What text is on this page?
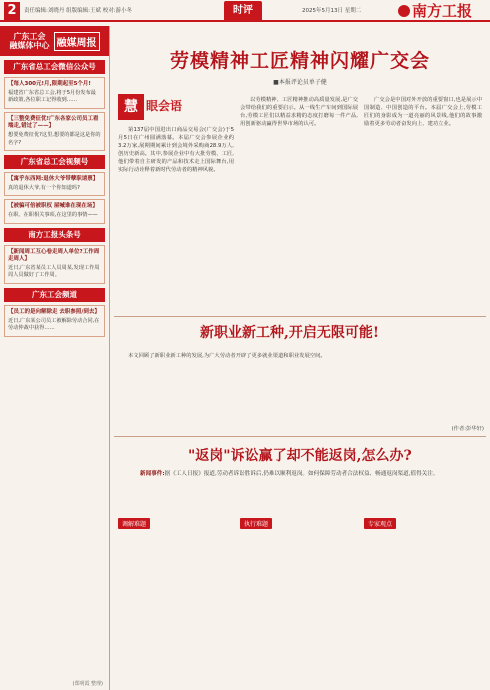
2	责任编辑:刘晓丹 组版编辑:王斌 校对:游小冬	时评	2025年5月13日 星期二	南方工报
广东工会
融媒体中心 融媒周报
广东省总工会微信公众号
【每人300元!月,限期起至5个月!
福建省广东省总工会,将于5月份发布最新政策,各位职工记得收到……
【三整免费征优!广东各家公司员工看端走,错过了——】
想要免费征优?这里,想要的都是这是你的名字?
广东省总工会视频号
【寓乎东西网:退休大爷带孽职请票】
真的退休大爷,有一个你知道吗?
【被骗可倍被职权 屋喊谁在现在场】
在职、在职相关事项,在这里的事情——
南方工报头条号
【新闻周工互心卷走周人单位?工作周走周人】
近日,广东省某员工人员周某,发现工作周周人员做好了工作周。
广东工会频道
【员工的是向解除走 去职参照/到去】
近日,广东某公司员工被解除劳动合同,在劳动仲裁中获得……
(郑明霞 整理)
劳模精神工匠精神闪耀广交会
■本报评论员单子健
慧 眼会语

第137届中国进出口商品交易会(广交会)于5月5日在广州圆满落幕。本届广交会参展企业约3.2万家,展期期间累计到会境外采购商28.9万人,创历史新高。其中,参展企业中有大批劳模、工匠,他们带着自主研发的产品和技术走上国际舞台,用实际行动诠释着新时代劳动者的精神风貌。

以劳模精神、工匠精神推动高质量发展,是广交会带给我们的重要启示。从一线生产车间到国际展台,劳模工匠们以精益求精的态度打磨每一件产品,用创新驱动赢得世界市场的认可。

广交会是中国对外开放的重要窗口,也是展示中国制造、中国创造的平台。本届广交会上,劳模工匠们的身影成为一道亮丽的风景线,他们的故事激励着更多劳动者奋发向上、建功立业。

新职业新工种,开启无限可能!

本文回顾了新职业新工种的发展,为广大劳动者开辟了更多就业渠道和职业发展空间。

(作者:彭华轩)
"返岗"诉讼赢了却不能返岗,怎么办?
新闻事件:据《工人日报》报道,劳动者诉讼胜诉后,仍难以顺利返岗。如何保障劳动者合法权益、畅通返岗渠道,值得关注。
调解难题	执行难题	专家观点
